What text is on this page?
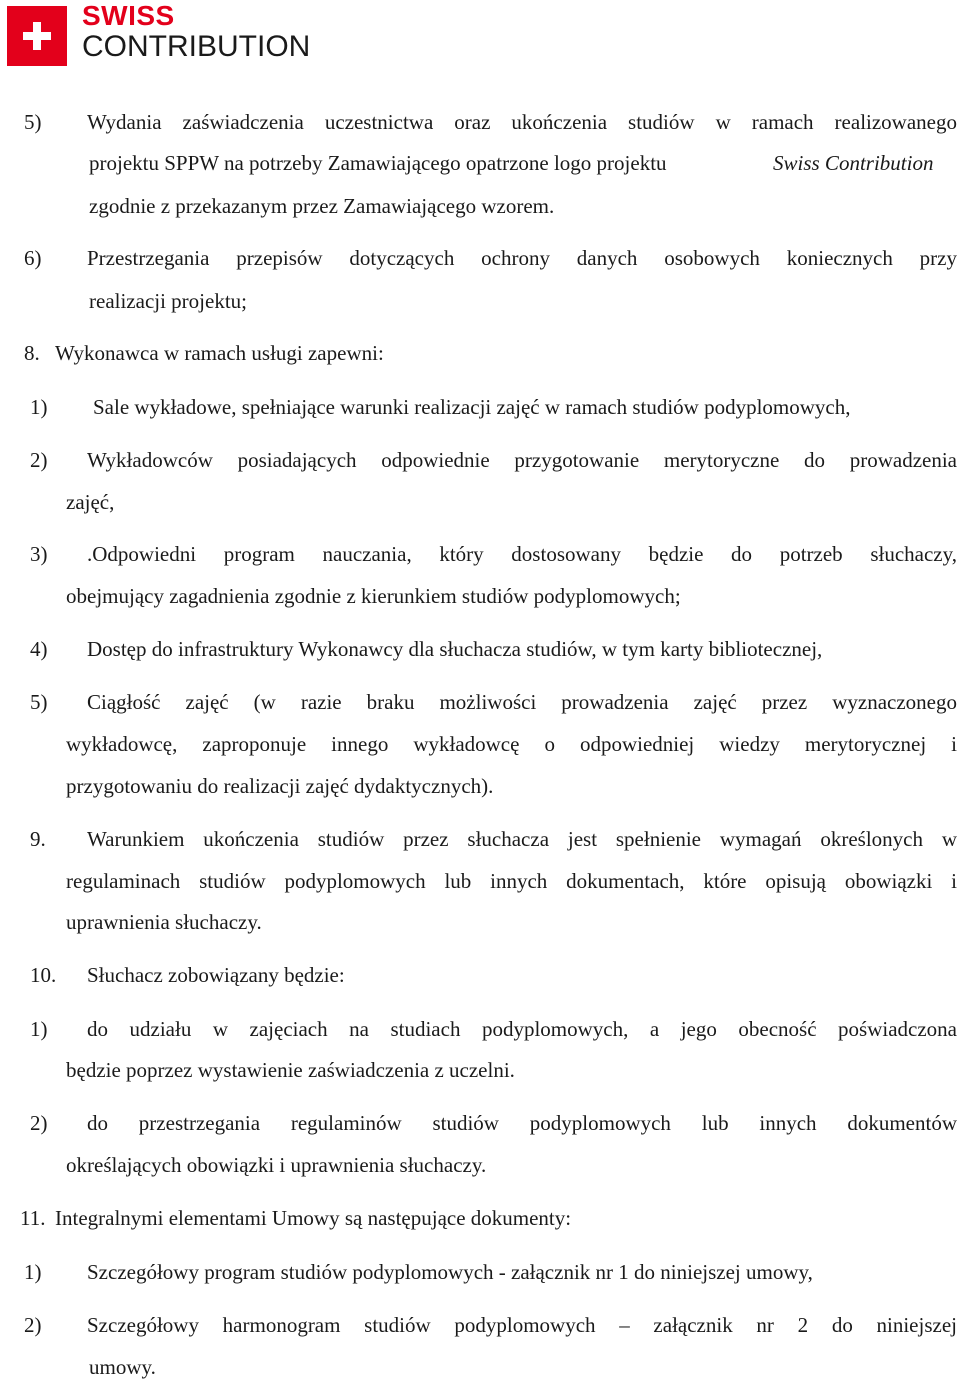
SWISS
CONTRIBUTION
5) Wydania zaświadczenia uczestnictwa oraz ukończenia studiów w ramach realizowanego
projektu SPPW na potrzeby Zamawiającego opatrzone logo projektu	Swiss Contribution
zgodnie z przekazanym przez Zamawiającego wzorem.
6) Przestrzegania przepisów dotyczących ochrony danych osobowych koniecznych przy
realizacji projektu;
8. Wykonawca w ramach usługi zapewni:
1) Sale wykładowe, spełniające warunki realizacji zajęć w ramach studiów podyplomowych,
2) Wykładowców posiadających odpowiednie przygotowanie merytoryczne do prowadzenia
zajęć,
3) .Odpowiedni program nauczania, który dostosowany będzie do potrzeb słuchaczy,
obejmujący zagadnienia zgodnie z kierunkiem studiów podyplomowych;
4) Dostęp do infrastruktury Wykonawcy dla słuchacza studiów, w tym karty bibliotecznej,
5) Ciągłość zajęć (w razie braku możliwości prowadzenia zajęć przez wyznaczonego
wykładowcę, zaproponuje innego wykładowcę o odpowiedniej wiedzy merytorycznej i
przygotowaniu do realizacji zajęć dydaktycznych).
9. Warunkiem ukończenia studiów przez słuchacza jest spełnienie wymagań określonych w
regulaminach studiów podyplomowych lub innych dokumentach, które opisują obowiązki i
uprawnienia słuchaczy.
10. Słuchacz zobowiązany będzie:
1) do udziału w zajęciach na studiach podyplomowych, a jego obecność poświadczona
będzie poprzez wystawienie zaświadczenia z uczelni.
2) do przestrzegania regulaminów studiów podyplomowych lub innych dokumentów
określających obowiązki i uprawnienia słuchaczy.
11. Integralnymi elementami Umowy są następujące dokumenty:
1) Szczegółowy program studiów podyplomowych - załącznik nr 1 do niniejszej umowy,
2) Szczegółowy harmonogram studiów podyplomowych – załącznik nr 2 do niniejszej
umowy.
